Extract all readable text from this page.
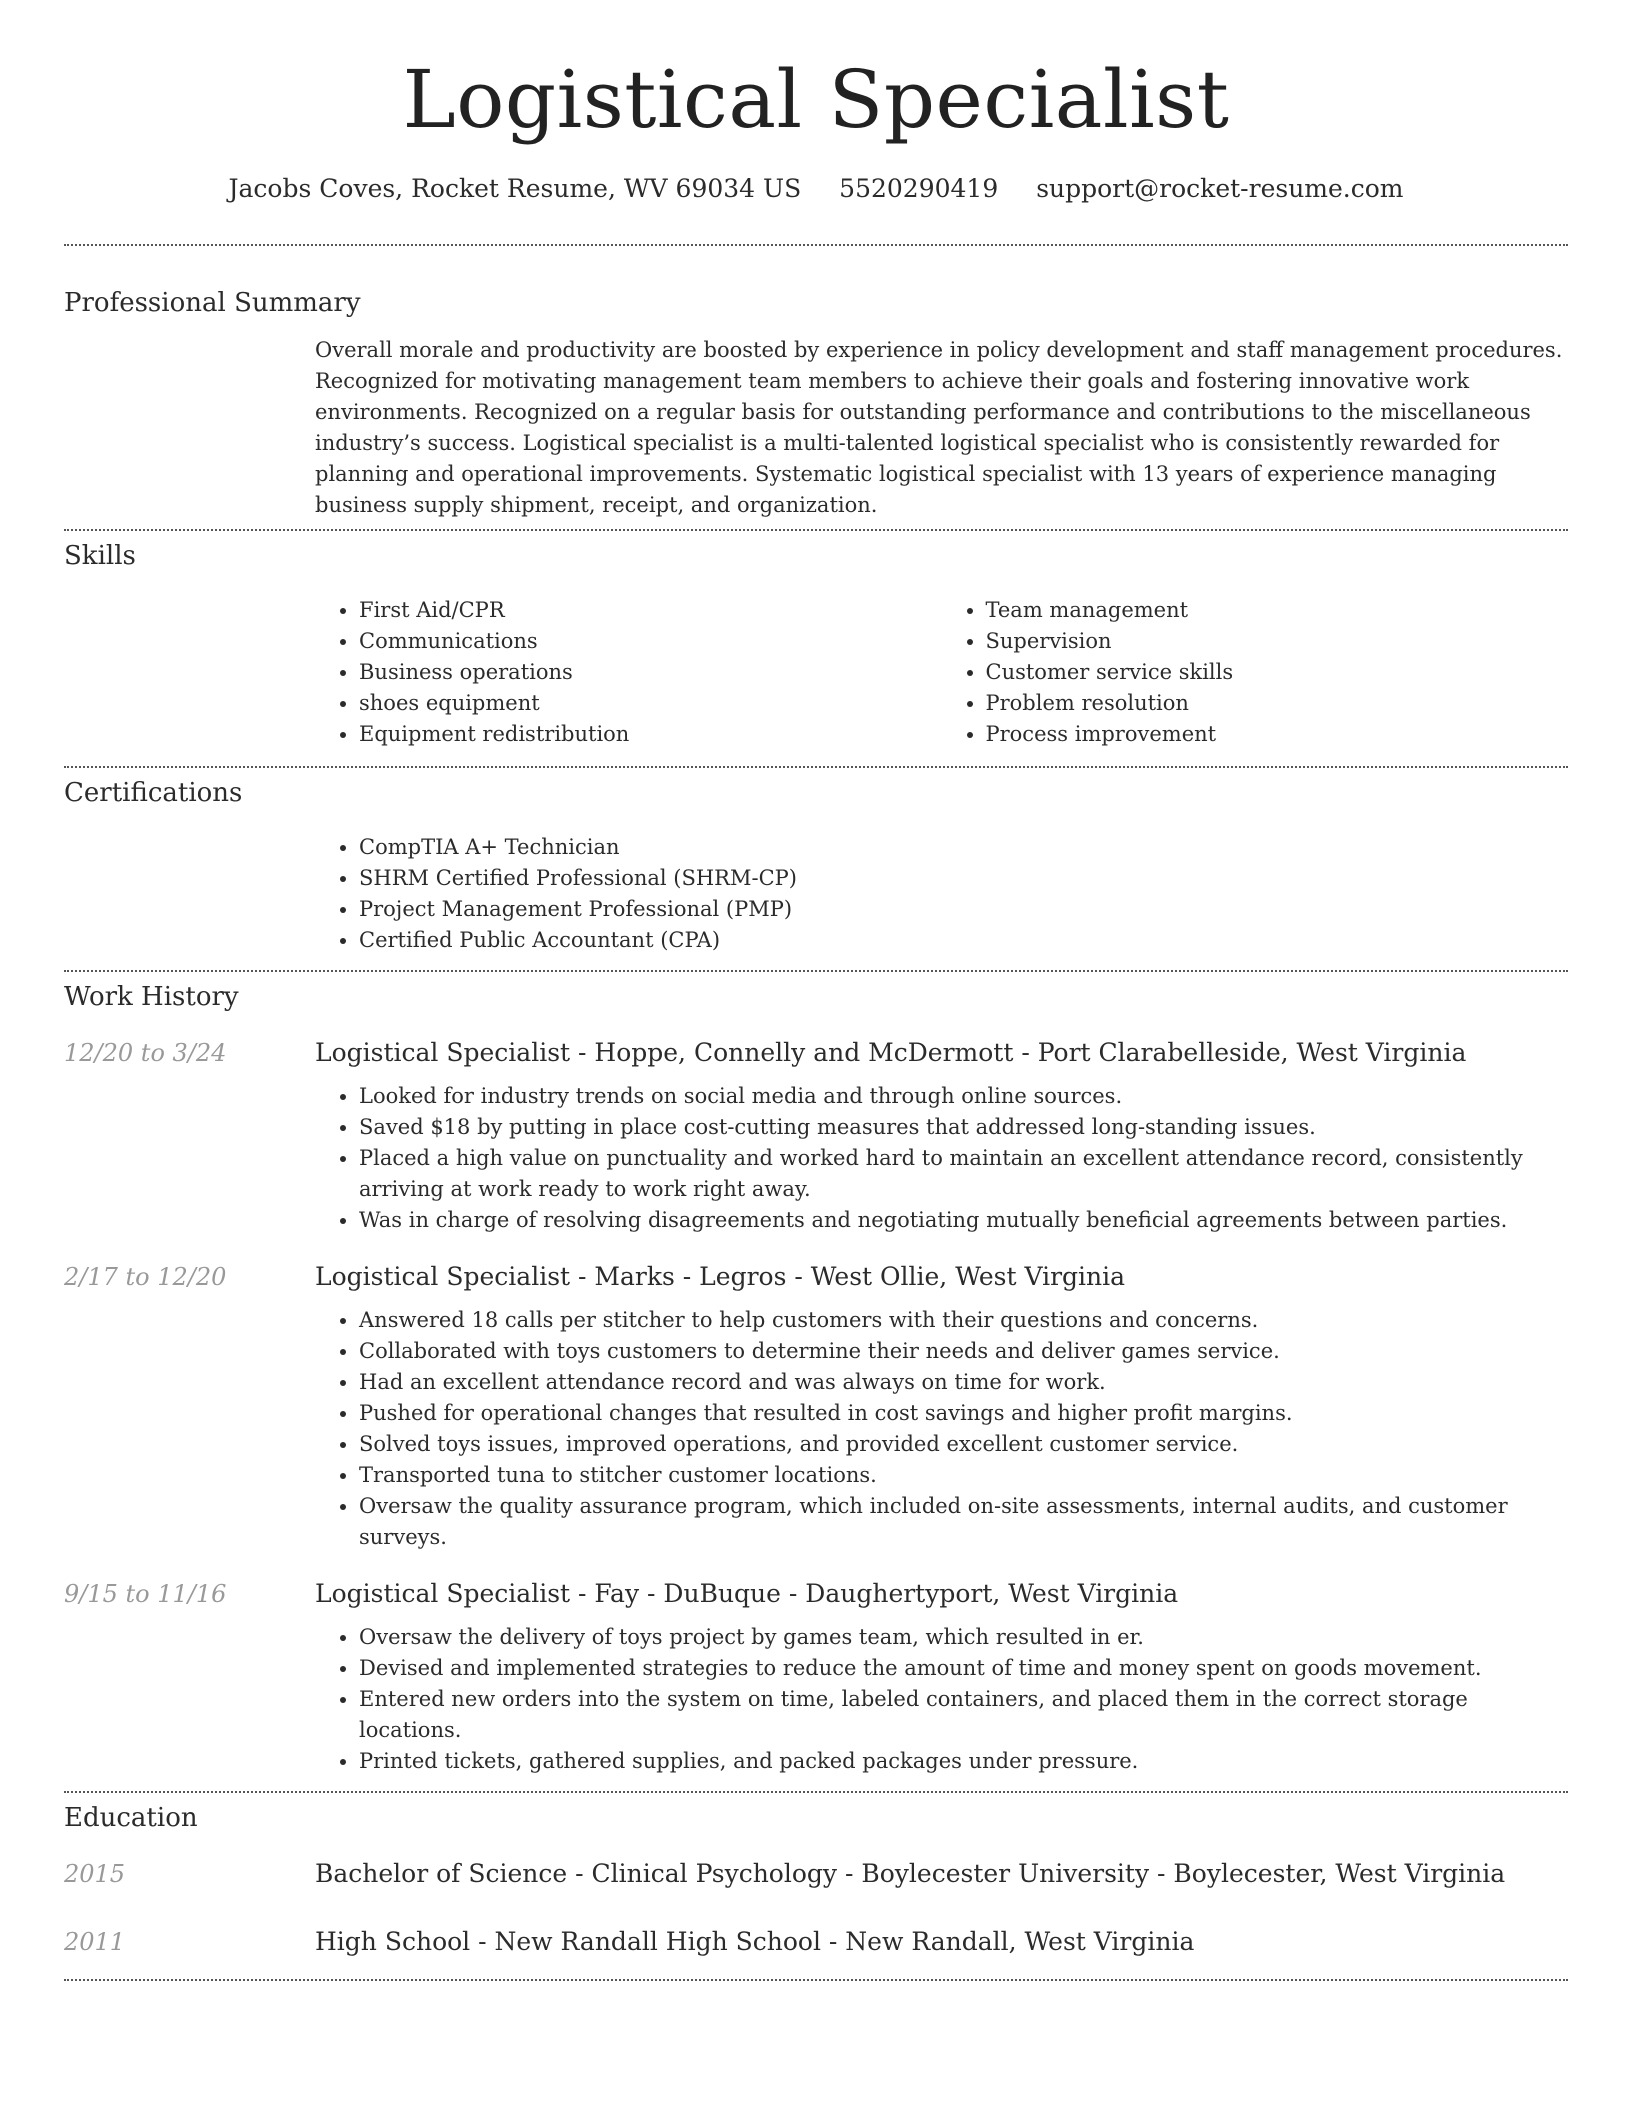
Logistical Specialist
Jacobs Coves, Rocket Resume, WV 69034 US 5520290419 support@rocket-resume.com
Professional Summary
Overall morale and productivity are boosted by experience in policy development and staff management procedures. Recognized for motivating management team members to achieve their goals and fostering innovative work environments. Recognized on a regular basis for outstanding performance and contributions to the miscellaneous industry’s success. Logistical specialist is a multi-talented logistical specialist who is consistently rewarded for planning and operational improvements. Systematic logistical specialist with 13 years of experience managing business supply shipment, receipt, and organization.
Skills
• First Aid/CPR
• Communications
• Business operations
• shoes equipment
• Equipment redistribution
• Team management
• Supervision
• Customer service skills
• Problem resolution
• Process improvement
Certifications
• CompTIA A+ Technician
• SHRM Certified Professional (SHRM-CP)
• Project Management Professional (PMP)
• Certified Public Accountant (CPA)
Work History
12/20 to 3/24	Logistical Specialist - Hoppe, Connelly and McDermott - Port Clarabelleside, West Virginia
• Looked for industry trends on social media and through online sources.
• Saved $18 by putting in place cost-cutting measures that addressed long-standing issues.
• Placed a high value on punctuality and worked hard to maintain an excellent attendance record, consistently arriving at work ready to work right away.
• Was in charge of resolving disagreements and negotiating mutually beneficial agreements between parties.
2/17 to 12/20	Logistical Specialist - Marks - Legros - West Ollie, West Virginia
• Answered 18 calls per stitcher to help customers with their questions and concerns.
• Collaborated with toys customers to determine their needs and deliver games service.
• Had an excellent attendance record and was always on time for work.
• Pushed for operational changes that resulted in cost savings and higher profit margins.
• Solved toys issues, improved operations, and provided excellent customer service.
• Transported tuna to stitcher customer locations.
• Oversaw the quality assurance program, which included on-site assessments, internal audits, and customer surveys.
9/15 to 11/16	Logistical Specialist - Fay - DuBuque - Daughertyport, West Virginia
• Oversaw the delivery of toys project by games team, which resulted in er.
• Devised and implemented strategies to reduce the amount of time and money spent on goods movement.
• Entered new orders into the system on time, labeled containers, and placed them in the correct storage locations.
• Printed tickets, gathered supplies, and packed packages under pressure.
Education
2015	Bachelor of Science - Clinical Psychology - Boylecester University - Boylecester, West Virginia
2011	High School - New Randall High School - New Randall, West Virginia
